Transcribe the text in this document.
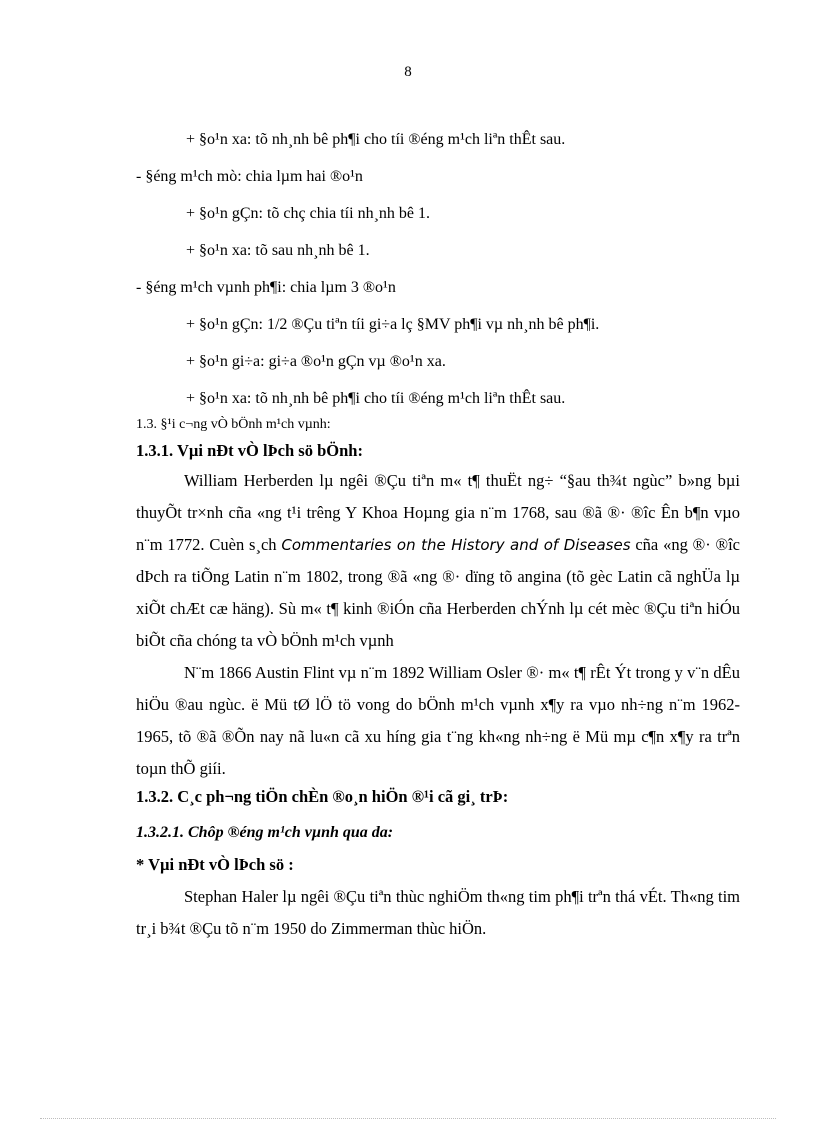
8
+ §o¹n xa: tõ nh¸nh bê ph¶i cho tíi ®éng m¹ch liªn thÊt sau.
- §éng m¹ch mò: chia lµm hai ®o¹n
+ §o¹n gÇn: tõ chç chia tíi nh¸nh bê 1.
+ §o¹n xa: tõ sau nh¸nh bê 1.
- §éng m¹ch vµnh ph¶i: chia lµm 3 ®o¹n
+ §o¹n gÇn: 1/2 ®Çu tiªn tíi gi÷a lç §MV ph¶i vµ nh¸nh bê ph¶i.
+ §o¹n gi÷a: gi÷a ®o¹n gÇn vµ ®o¹n xa.
+ §o¹n xa: tõ nh¸nh bê ph¶i cho tíi ®éng m¹ch liªn thÊt sau.
1.3. §¹i c¬ng vÒ bÖnh m¹ch vµnh:
1.3.1. Vµi nÐt vÒ lÞch sö bÖnh:

William Herberden lµ ngêi ®Çu tiªn m« t¶ thuËt ng÷ “§au th¾t ngùc” b»ng bµi thuyÕt tr×nh cña «ng t¹i trêng Y Khoa Hoµng gia n¨m 1768, sau ®ã ®· ®îc Ên b¶n vµo n¨m 1772. Cuèn s¸ch Commentaries on the History and of Diseases cña «ng ®· ®îc dÞch ra tiÕng Latin n¨m 1802, trong ®ã «ng ®· dïng tõ angina (tõ gèc Latin cã nghÜa lµ xiÕt chÆt cæ häng). Sù m« t¶ kinh ®iÓn cña Herberden chÝnh lµ cét mèc ®Çu tiªn hiÓu biÕt cña chóng ta vÒ bÖnh m¹ch vµnh

N¨m 1866 Austin Flint vµ n¨m 1892 William Osler ®· m« t¶ rÊt Ýt trong y v¨n dÊu hiÖu ®au ngùc. ë Mü tØ lÖ tö vong do bÖnh m¹ch vµnh x¶y ra vµo nh÷ng n¨m 1962-1965, tõ ®ã ®Õn nay nã lu«n cã xu híng gia t¨ng kh«ng nh÷ng ë Mü mµ c¶n x¶y ra trªn toµn thÕ giíi.

1.3.2. C¸c ph¬ng tiÖn chÈn ®o¸n hiÖn ®¹i cã gi¸ trÞ:
1.3.2.1. Chôp ®éng m¹ch vµnh qua da:
* Vµi nÐt vÒ lÞch sö :

Stephan Haler lµ ngêi ®Çu tiªn thùc nghiÖm th«ng tim ph¶i trªn thá vÉt. Th«ng tim tr¸i b¾t ®Çu tõ n¨m 1950 do Zimmerman thùc hiÖn.
